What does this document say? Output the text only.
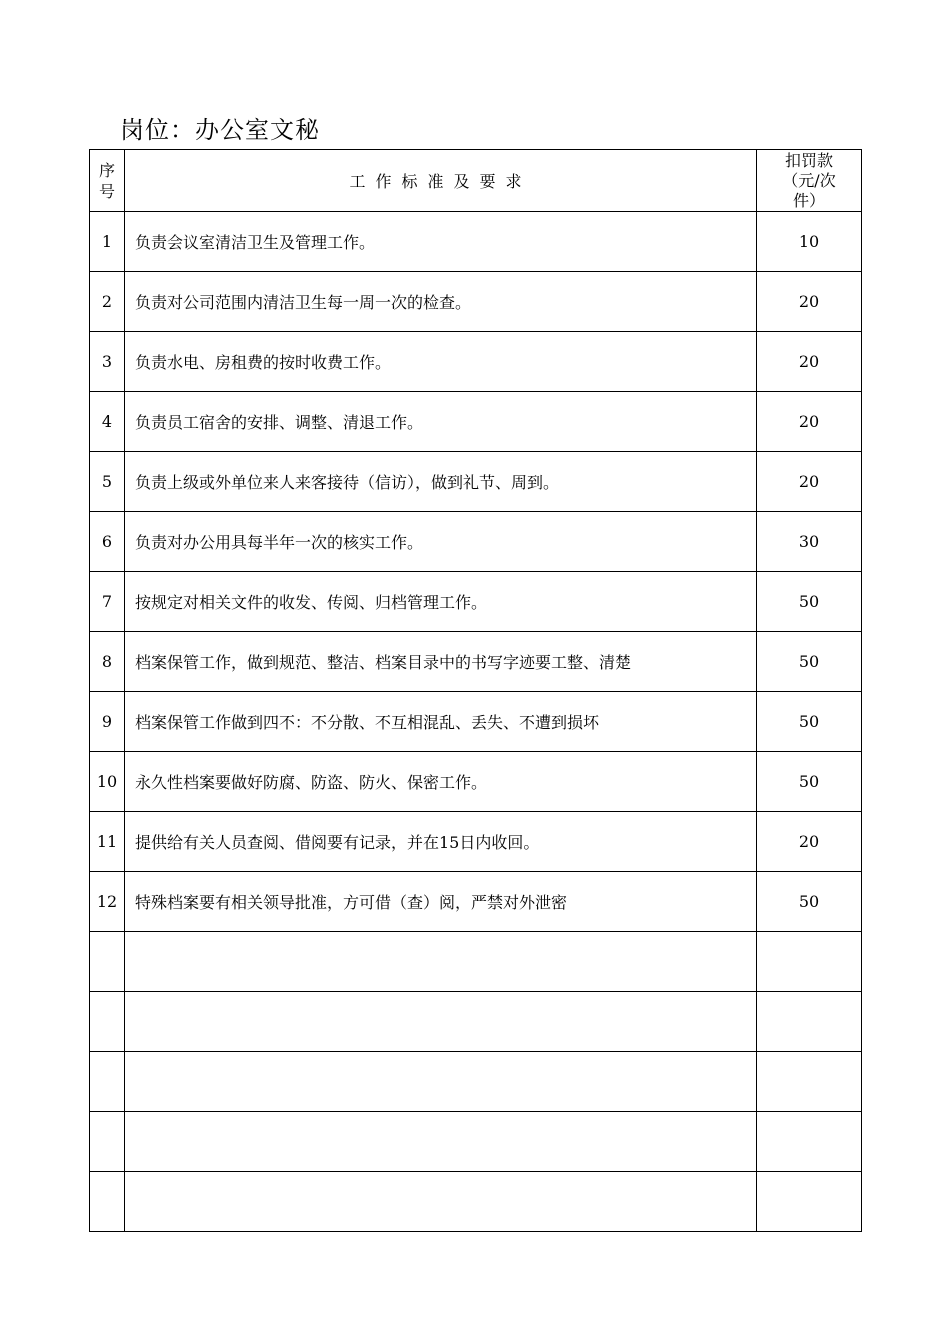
岗位：办公室文秘
序
号	工作标准及要求	扣罚款
（元/次
件）
1	负责会议室清洁卫生及管理工作。	10
2	负责对公司范围内清洁卫生每一周一次的检查。	20
3	负责水电、房租费的按时收费工作。	20
4	负责员工宿舍的安排、调整、清退工作。	20
5	负责上级或外单位来人来客接待（信访），做到礼节、周到。	20
6	负责对办公用具每半年一次的核实工作。	30
7	按规定对相关文件的收发、传阅、归档管理工作。	50
8	档案保管工作，做到规范、整洁、档案目录中的书写字迹要工整、清楚	50
9	档案保管工作做到四不：不分散、不互相混乱、丢失、不遭到损坏	50
10	永久性档案要做好防腐、防盗、防火、保密工作。	50
11	提供给有关人员查阅、借阅要有记录，并在15日内收回。	20
12	特殊档案要有相关领导批准，方可借（查）阅，严禁对外泄密	50
